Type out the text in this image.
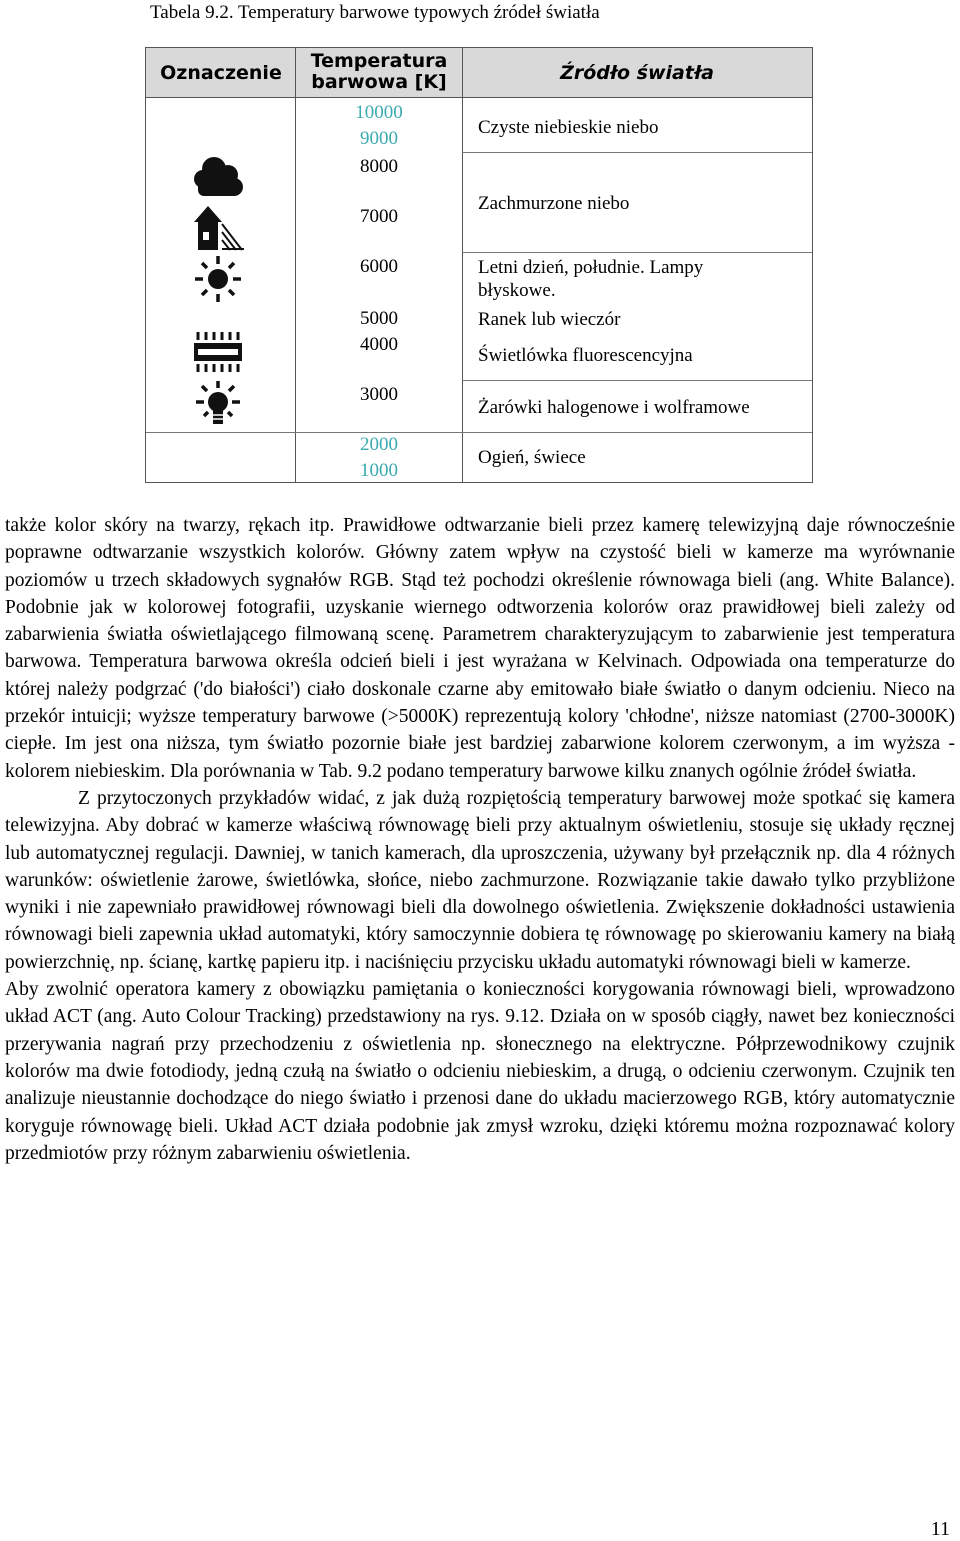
Tabela 9.2. Temperatury barwowe typowych źródeł światła
Oznaczenie
Temperatura
barwowa [K]	Źródło światła
10000
9000
8000
7000
6000
5000
4000
3000
2000
1000
Czyste niebieskie niebo
Zachmurzone niebo
Letni dzień, południe. Lampy
błyskowe.
Ranek lub wieczór
Świetlówka fluorescencyjna
Żarówki halogenowe i wolframowe
Ogień, świece

także kolor skóry na twarzy, rękach itp. Prawidłowe odtwarzanie bieli przez kamerę telewizyjną daje równocześnie poprawne odtwarzanie wszystkich kolorów. Główny zatem wpływ na czystość bieli w kamerze ma wyrównanie poziomów u trzech składowych sygnałów RGB. Stąd też pochodzi określenie równowaga bieli (ang. White Balance). Podobnie jak w kolorowej fotografii, uzyskanie wiernego odtworzenia kolorów oraz prawidłowej bieli zależy od zabarwienia światła oświetlającego filmowaną scenę. Parametrem charakteryzującym to zabarwienie jest temperatura barwowa. Temperatura barwowa określa odcień bieli i jest wyrażana w Kelvinach. Odpowiada ona temperaturze do której należy podgrzać ('do białości') ciało doskonale czarne aby emitowało białe światło o danym odcieniu. Nieco na przekór intuicji; wyższe temperatury barwowe (>5000K) reprezentują kolory 'chłodne', niższe natomiast (2700-3000K) ciepłe. Im jest ona niższa, tym światło pozornie białe jest bardziej zabarwione kolorem czerwonym, a im wyższa - kolorem niebieskim. Dla porównania w Tab. 9.2 podano temperatury barwowe kilku znanych ogólnie źródeł światła.

Z przytoczonych przykładów widać, z jak dużą rozpiętością temperatury barwowej może spotkać się kamera telewizyjna. Aby dobrać w kamerze właściwą równowagę bieli przy aktualnym oświetleniu, stosuje się układy ręcznej lub automatycznej regulacji. Dawniej, w tanich kamerach, dla uproszczenia, używany był przełącznik np. dla 4 różnych warunków: oświetlenie żarowe, świetlówka, słońce, niebo zachmurzone. Rozwiązanie takie dawało tylko przybliżone wyniki i nie zapewniało prawidłowej równowagi bieli dla dowolnego oświetlenia. Zwiększenie dokładności ustawienia równowagi bieli zapewnia układ automatyki, który samoczynnie dobiera tę równowagę po skierowaniu kamery na białą powierzchnię, np. ścianę, kartkę papieru itp. i naciśnięciu przycisku układu automatyki równowagi bieli w kamerze.

Aby zwolnić operatora kamery z obowiązku pamiętania o konieczności korygowania równowagi bieli, wprowadzono układ ACT (ang. Auto Colour Tracking) przedstawiony na rys. 9.12. Działa on w sposób ciągły, nawet bez konieczności przerywania nagrań przy przechodzeniu z oświetlenia np. słonecznego na elektryczne. Półprzewodnikowy czujnik kolorów ma dwie fotodiody, jedną czułą na światło o odcieniu niebieskim, a drugą, o odcieniu czerwonym. Czujnik ten analizuje nieustannie dochodzące do niego światło i przenosi dane do układu macierzowego RGB, który automatycznie koryguje równowagę bieli. Układ ACT działa podobnie jak zmysł wzroku, dzięki któremu można rozpoznawać kolory przedmiotów przy różnym zabarwieniu oświetlenia.

11
